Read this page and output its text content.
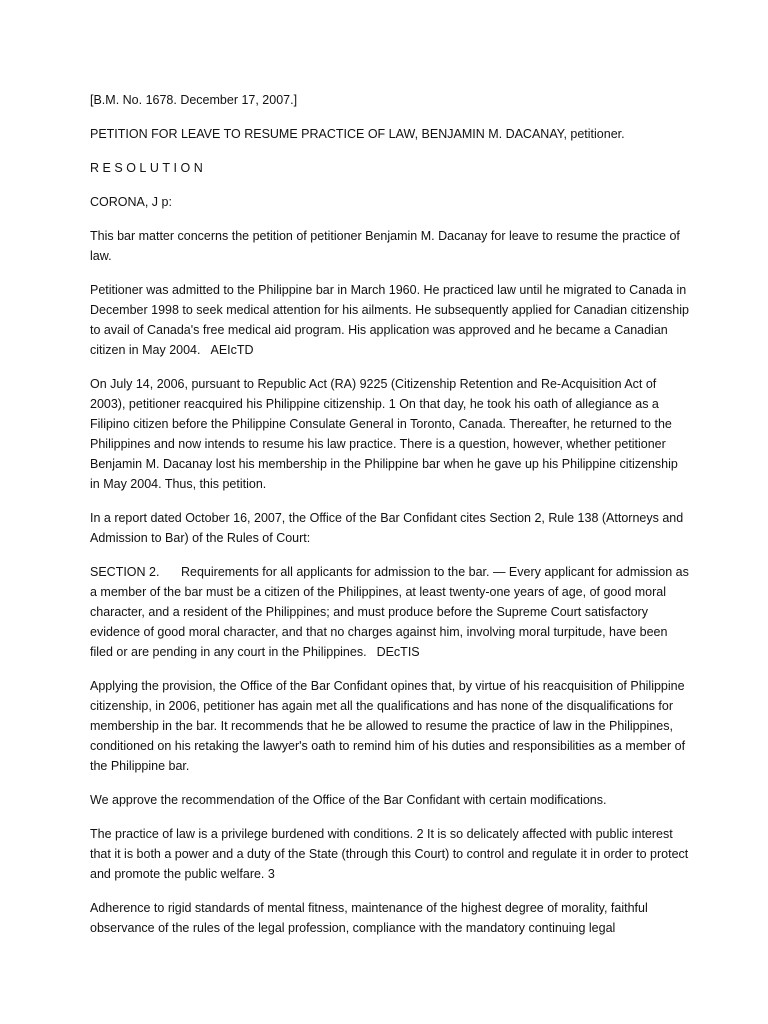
[B.M. No. 1678. December 17, 2007.]

PETITION FOR LEAVE TO RESUME PRACTICE OF LAW, BENJAMIN M. DACANAY, petitioner.

RESOLUTION

CORONA, J p:

This bar matter concerns the petition of petitioner Benjamin M. Dacanay for leave to resume the practice of law.

Petitioner was admitted to the Philippine bar in March 1960. He practiced law until he migrated to Canada in December 1998 to seek medical attention for his ailments. He subsequently applied for Canadian citizenship to avail of Canada's free medical aid program. His application was approved and he became a Canadian citizen in May 2004. AEIcTD

On July 14, 2006, pursuant to Republic Act (RA) 9225 (Citizenship Retention and Re-Acquisition Act of 2003), petitioner reacquired his Philippine citizenship. 1 On that day, he took his oath of allegiance as a Filipino citizen before the Philippine Consulate General in Toronto, Canada. Thereafter, he returned to the Philippines and now intends to resume his law practice. There is a question, however, whether petitioner Benjamin M. Dacanay lost his membership in the Philippine bar when he gave up his Philippine citizenship in May 2004. Thus, this petition.

In a report dated October 16, 2007, the Office of the Bar Confidant cites Section 2, Rule 138 (Attorneys and Admission to Bar) of the Rules of Court:

SECTION 2. Requirements for all applicants for admission to the bar. — Every applicant for admission as a member of the bar must be a citizen of the Philippines, at least twenty-one years of age, of good moral character, and a resident of the Philippines; and must produce before the Supreme Court satisfactory evidence of good moral character, and that no charges against him, involving moral turpitude, have been filed or are pending in any court in the Philippines. DEcTIS

Applying the provision, the Office of the Bar Confidant opines that, by virtue of his reacquisition of Philippine citizenship, in 2006, petitioner has again met all the qualifications and has none of the disqualifications for membership in the bar. It recommends that he be allowed to resume the practice of law in the Philippines, conditioned on his retaking the lawyer's oath to remind him of his duties and responsibilities as a member of the Philippine bar.

We approve the recommendation of the Office of the Bar Confidant with certain modifications.

The practice of law is a privilege burdened with conditions. 2 It is so delicately affected with public interest that it is both a power and a duty of the State (through this Court) to control and regulate it in order to protect and promote the public welfare. 3

Adherence to rigid standards of mental fitness, maintenance of the highest degree of morality, faithful observance of the rules of the legal profession, compliance with the mandatory continuing legal
